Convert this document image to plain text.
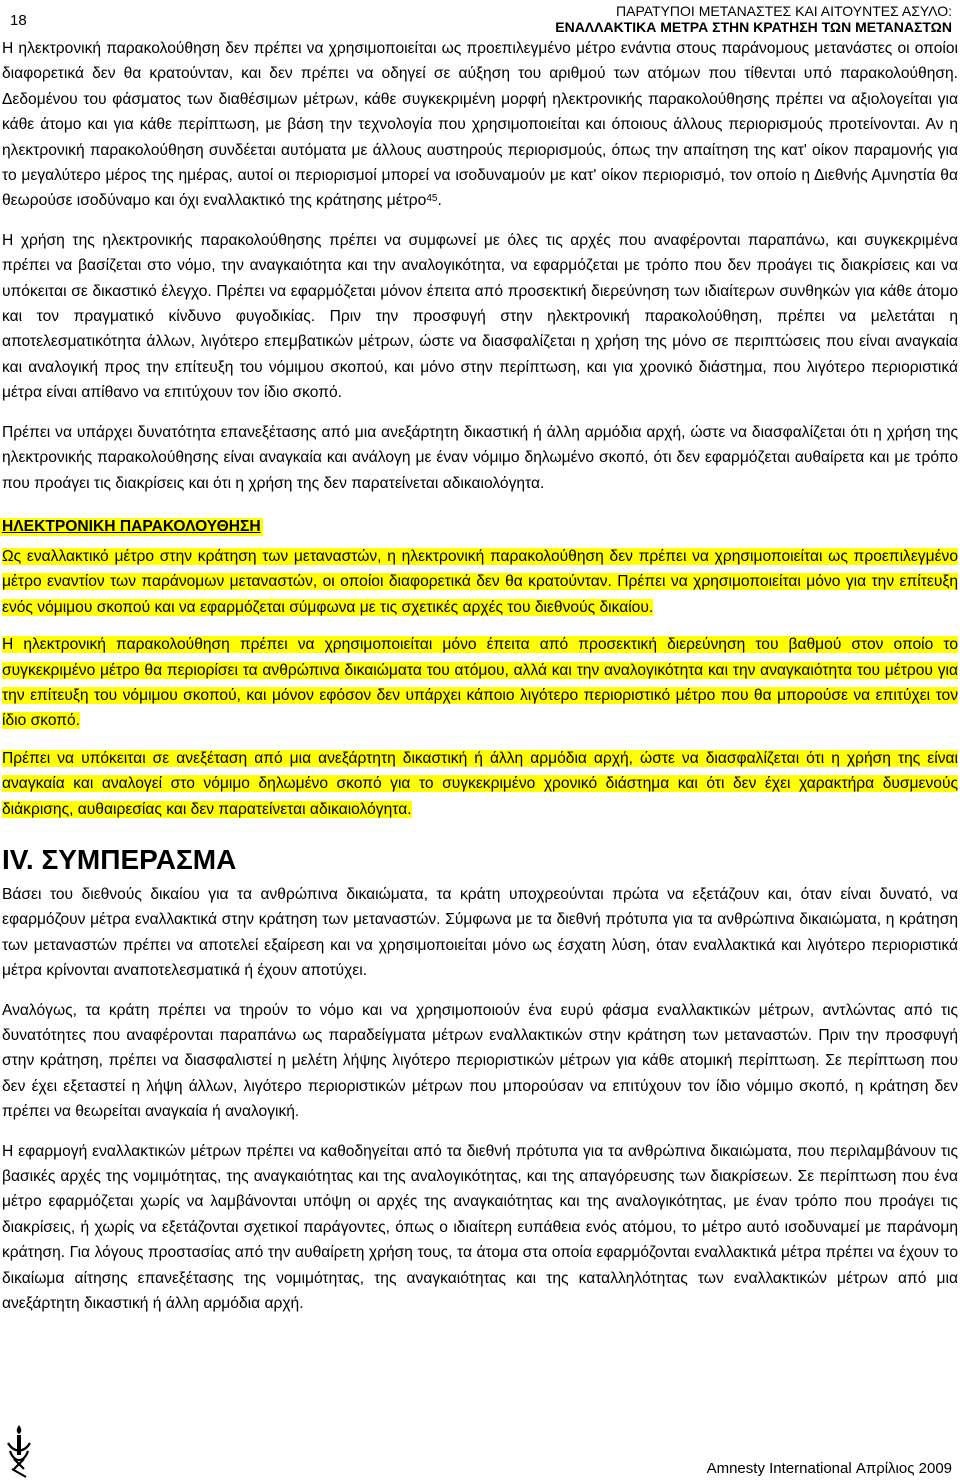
18
ΠΑΡΑΤΥΠΟΙ ΜΕΤΑΝΑΣΤΕΣ ΚΑΙ ΑΙΤΟΥΝΤΕΣ ΑΣΥΛΟ:
ΕΝΑΛΛΑΚΤΙΚΑ ΜΕΤΡΑ ΣΤΗΝ ΚΡΑΤΗΣΗ ΤΩΝ ΜΕΤΑΝΑΣΤΩΝ

Η ηλεκτρονική παρακολούθηση δεν πρέπει να χρησιμοποιείται ως προεπιλεγμένο μέτρο ενάντια στους παράνομους μετανάστες οι οποίοι διαφορετικά δεν θα κρατούνταν, και δεν πρέπει να οδηγεί σε αύξηση του αριθμού των ατόμων που τίθενται υπό παρακολούθηση. Δεδομένου του φάσματος των διαθέσιμων μέτρων, κάθε συγκεκριμένη μορφή ηλεκτρονικής παρακολούθησης πρέπει να αξιολογείται για κάθε άτομο και για κάθε περίπτωση, με βάση την τεχνολογία που χρησιμοποιείται και όποιους άλλους περιορισμούς προτείνονται. Αν η ηλεκτρονική παρακολούθηση συνδέεται αυτόματα με άλλους αυστηρούς περιορισμούς, όπως την απαίτηση της κατ' οίκον παραμονής για το μεγαλύτερο μέρος της ημέρας, αυτοί οι περιορισμοί μπορεί να ισοδυναμούν με κατ' οίκον περιορισμό, τον οποίο η Διεθνής Αμνηστία θα θεωρούσε ισοδύναμο και όχι εναλλακτικό της κράτησης μέτρο$^{45}$.

Η χρήση της ηλεκτρονικής παρακολούθησης πρέπει να συμφωνεί με όλες τις αρχές που αναφέρονται παραπάνω, και συγκεκριμένα πρέπει να βασίζεται στο νόμο, την αναγκαιότητα και την αναλογικότητα, να εφαρμόζεται με τρόπο που δεν προάγει τις διακρίσεις και να υπόκειται σε δικαστικό έλεγχο. Πρέπει να εφαρμόζεται μόνον έπειτα από προσεκτική διερεύνηση των ιδιαίτερων συνθηκών για κάθε άτομο και τον πραγματικό κίνδυνο φυγοδικίας. Πριν την προσφυγή στην ηλεκτρονική παρακολούθηση, πρέπει να μελετάται η αποτελεσματικότητα άλλων, λιγότερο επεμβατικών μέτρων, ώστε να διασφαλίζεται η χρήση της μόνο σε περιπτώσεις που είναι αναγκαία και αναλογική προς την επίτευξη του νόμιμου σκοπού, και μόνο στην περίπτωση, και για χρονικό διάστημα, που λιγότερο περιοριστικά μέτρα είναι απίθανο να επιτύχουν τον ίδιο σκοπό.

Πρέπει να υπάρχει δυνατότητα επανεξέτασης από μια ανεξάρτητη δικαστική ή άλλη αρμόδια αρχή, ώστε να διασφαλίζεται ότι η χρήση της ηλεκτρονικής παρακολούθησης είναι αναγκαία και ανάλογη με έναν νόμιμο δηλωμένο σκοπό, ότι δεν εφαρμόζεται αυθαίρετα και με τρόπο που προάγει τις διακρίσεις και ότι η χρήση της δεν παρατείνεται αδικαιολόγητα.

ΗΛΕΚΤΡΟΝΙΚΗ ΠΑΡΑΚΟΛΟΥΘΗΣΗ

Ως εναλλακτικό μέτρο στην κράτηση των μεταναστών, η ηλεκτρονική παρακολούθηση δεν πρέπει να χρησιμοποιείται ως προεπιλεγμένο μέτρο εναντίον των παράνομων μεταναστών, οι οποίοι διαφορετικά δεν θα κρατούνταν. Πρέπει να χρησιμοποιείται μόνο για την επίτευξη ενός νόμιμου σκοπού και να εφαρμόζεται σύμφωνα με τις σχετικές αρχές του διεθνούς δικαίου.

Η ηλεκτρονική παρακολούθηση πρέπει να χρησιμοποιείται μόνο έπειτα από προσεκτική διερεύνηση του βαθμού στον οποίο το συγκεκριμένο μέτρο θα περιορίσει τα ανθρώπινα δικαιώματα του ατόμου, αλλά και την αναλογικότητα και την αναγκαιότητα του μέτρου για την επίτευξη του νόμιμου σκοπού, και μόνον εφόσον δεν υπάρχει κάποιο λιγότερο περιοριστικό μέτρο που θα μπορούσε να επιτύχει τον ίδιο σκοπό.

Πρέπει να υπόκειται σε ανεξέταση από μια ανεξάρτητη δικαστική ή άλλη αρμόδια αρχή, ώστε να διασφαλίζεται ότι η χρήση της είναι αναγκαία και αναλογεί στο νόμιμο δηλωμένο σκοπό για το συγκεκριμένο χρονικό διάστημα και ότι δεν έχει χαρακτήρα δυσμενούς διάκρισης, αυθαιρεσίας και δεν παρατείνεται αδικαιολόγητα.

IV. ΣΥΜΠΕΡΑΣΜΑ

Βάσει του διεθνούς δικαίου για τα ανθρώπινα δικαιώματα, τα κράτη υποχρεούνται πρώτα να εξετάζουν και, όταν είναι δυνατό, να εφαρμόζουν μέτρα εναλλακτικά στην κράτηση των μεταναστών. Σύμφωνα με τα διεθνή πρότυπα για τα ανθρώπινα δικαιώματα, η κράτηση των μεταναστών πρέπει να αποτελεί εξαίρεση και να χρησιμοποιείται μόνο ως έσχατη λύση, όταν εναλλακτικά και λιγότερο περιοριστικά μέτρα κρίνονται αναποτελεσματικά ή έχουν αποτύχει.

Αναλόγως, τα κράτη πρέπει να τηρούν το νόμο και να χρησιμοποιούν ένα ευρύ φάσμα εναλλακτικών μέτρων, αντλώντας από τις δυνατότητες που αναφέρονται παραπάνω ως παραδείγματα μέτρων εναλλακτικών στην κράτηση των μεταναστών. Πριν την προσφυγή στην κράτηση, πρέπει να διασφαλιστεί η μελέτη λήψης λιγότερο περιοριστικών μέτρων για κάθε ατομική περίπτωση. Σε περίπτωση που δεν έχει εξεταστεί η λήψη άλλων, λιγότερο περιοριστικών μέτρων που μπορούσαν να επιτύχουν τον ίδιο νόμιμο σκοπό, η κράτηση δεν πρέπει να θεωρείται αναγκαία ή αναλογική.

Η εφαρμογή εναλλακτικών μέτρων πρέπει να καθοδηγείται από τα διεθνή πρότυπα για τα ανθρώπινα δικαιώματα, που περιλαμβάνουν τις βασικές αρχές της νομιμότητας, της αναγκαιότητας και της αναλογικότητας, και της απαγόρευσης των διακρίσεων. Σε περίπτωση που ένα μέτρο εφαρμόζεται χωρίς να λαμβάνονται υπόψη οι αρχές της αναγκαιότητας και της αναλογικότητας, με έναν τρόπο που προάγει τις διακρίσεις, ή χωρίς να εξετάζονται σχετικοί παράγοντες, όπως ο ιδιαίτερη ευπάθεια ενός ατόμου, το μέτρο αυτό ισοδυναμεί με παράνομη κράτηση. Για λόγους προστασίας από την αυθαίρετη χρήση τους, τα άτομα στα οποία εφαρμόζονται εναλλακτικά μέτρα πρέπει να έχουν το δικαίωμα αίτησης επανεξέτασης της νομιμότητας, της αναγκαιότητας και της καταλληλότητας των εναλλακτικών μέτρων από μια ανεξάρτητη δικαστική ή άλλη αρμόδια αρχή.

Amnesty International Απρίλιος 2009
